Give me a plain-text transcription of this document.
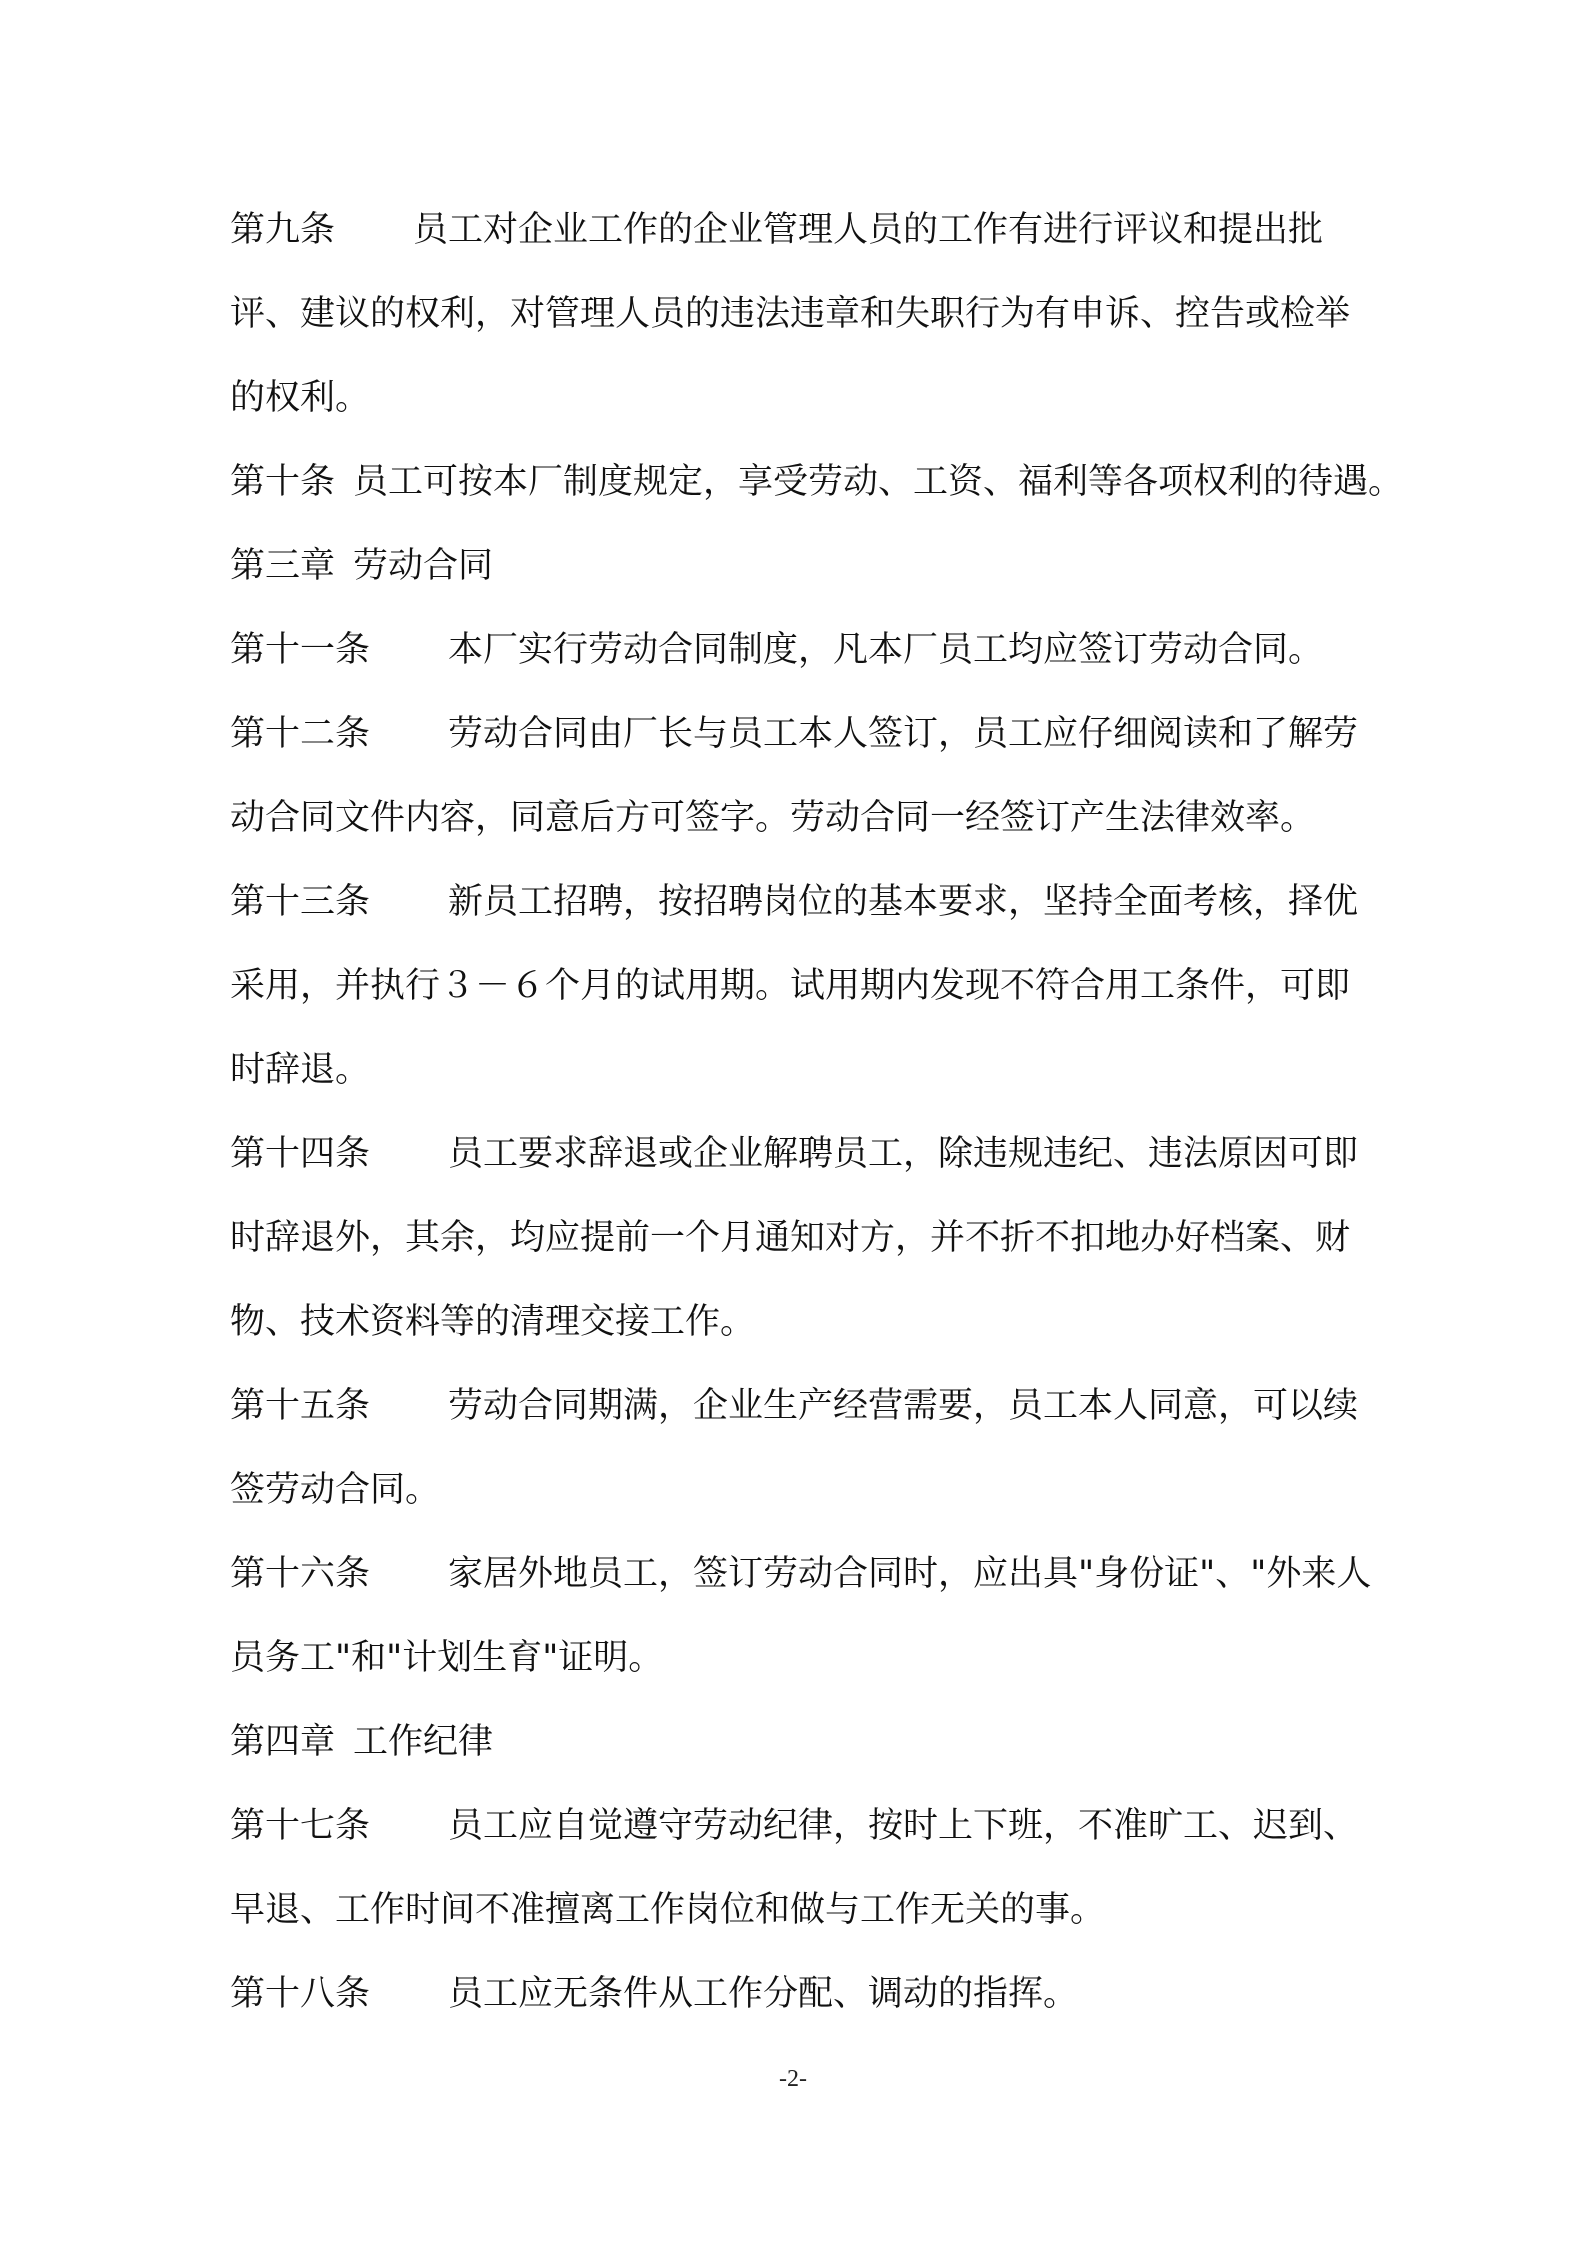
第九条 员工对企业工作的企业管理人员的工作有进行评议和提出批
评、建议的权利，对管理人员的违法违章和失职行为有申诉、控告或检举
的权利。
第十条 员工可按本厂制度规定，享受劳动、工资、福利等各项权利的待遇。
第三章 劳动合同
第十一条 本厂实行劳动合同制度，凡本厂员工均应签订劳动合同。
第十二条 劳动合同由厂长与员工本人签订，员工应仔细阅读和了解劳
动合同文件内容，同意后方可签字。劳动合同一经签订产生法律效率。
第十三条 新员工招聘，按招聘岗位的基本要求，坚持全面考核，择优
采用，并执行３－６个月的试用期。试用期内发现不符合用工条件，可即
时辞退。
第十四条 员工要求辞退或企业解聘员工，除违规违纪、违法原因可即
时辞退外，其余，均应提前一个月通知对方，并不折不扣地办好档案、财
物、技术资料等的清理交接工作。
第十五条 劳动合同期满，企业生产经营需要，员工本人同意，可以续
签劳动合同。
第十六条 家居外地员工，签订劳动合同时，应出具"身份证"、"外来人
员务工"和"计划生育"证明。
第四章 工作纪律
第十七条 员工应自觉遵守劳动纪律，按时上下班，不准旷工、迟到、
早退、工作时间不准擅离工作岗位和做与工作无关的事。
第十八条 员工应无条件从工作分配、调动的指挥。
-2-
